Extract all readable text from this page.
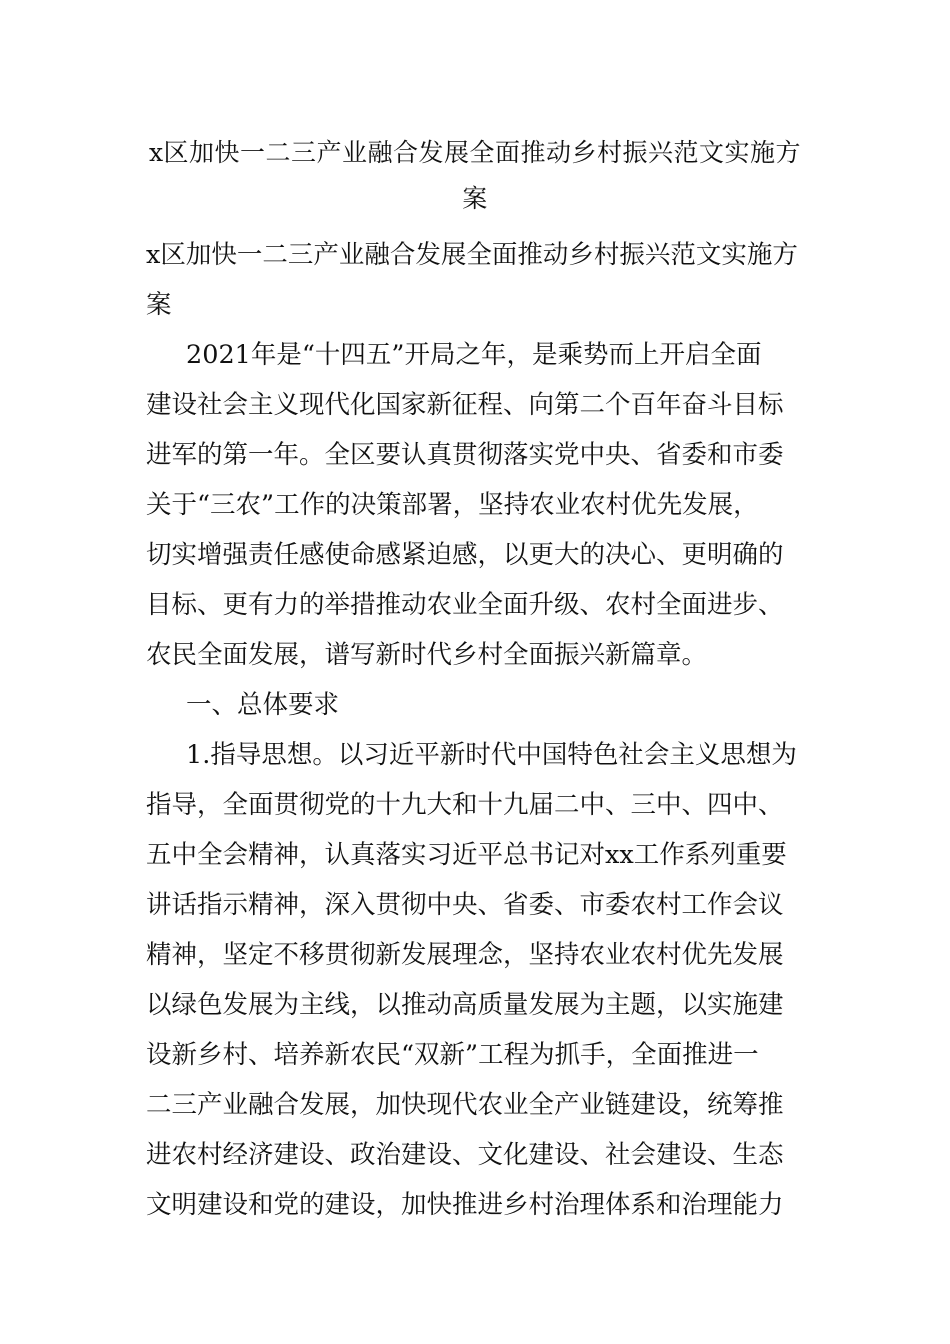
x区加快一二三产业融合发展全面推动乡村振兴范文实施方
案
x区加快一二三产业融合发展全面推动乡村振兴范文实施方
案
2021年是“十四五”开局之年，是乘势而上开启全面
建设社会主义现代化国家新征程、向第二个百年奋斗目标
进军的第一年。全区要认真贯彻落实党中央、省委和市委
关于“三农”工作的决策部署，坚持农业农村优先发展，
切实增强责任感使命感紧迫感，以更大的决心、更明确的
目标、更有力的举措推动农业全面升级、农村全面进步、
农民全面发展，谱写新时代乡村全面振兴新篇章。
一、总体要求
1.指导思想。以习近平新时代中国特色社会主义思想为
指导，全面贯彻党的十九大和十九届二中、三中、四中、
五中全会精神，认真落实习近平总书记对xx工作系列重要
讲话指示精神，深入贯彻中央、省委、市委农村工作会议
精神，坚定不移贯彻新发展理念，坚持农业农村优先发展
以绿色发展为主线，以推动高质量发展为主题，以实施建
设新乡村、培养新农民“双新”工程为抓手，全面推进一
二三产业融合发展，加快现代农业全产业链建设，统筹推
进农村经济建设、政治建设、文化建设、社会建设、生态
文明建设和党的建设，加快推进乡村治理体系和治理能力
